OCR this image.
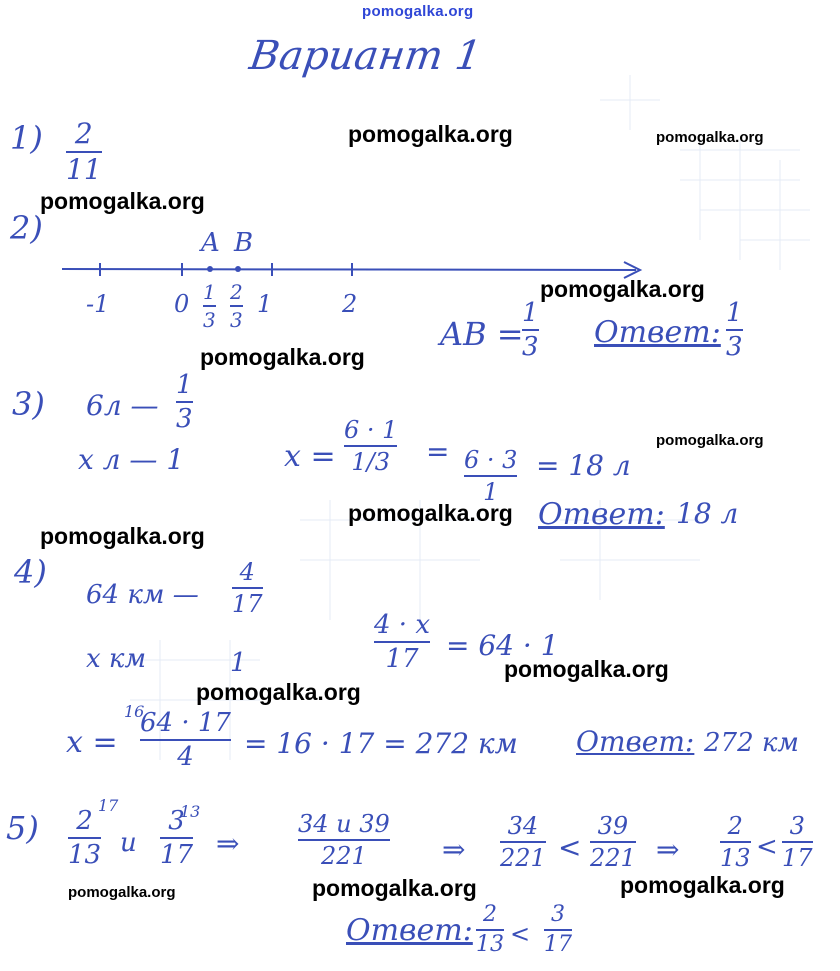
pomogalka.org
Вариант 1
1) 2
11
2)	A B
-1	0	1	2
1
3
2
3	AB =
1
3 Ответ:
1
3
3) 6л —
1
3
x л — 1	x =
6 · 1
1/3 = 6 · 3
1
= 18 л
Ответ: 18 л
4)
64 км —
4
17
x км	1
4 · x
17 = 64 · 1
x =
16
64 · 17
4 = 16 · 17 = 272 км Ответ: 272 км
5) 2
13
17
и
3
17
13
⇒
34 и 39
221	⇒
34
221 <
39
221 ⇒
2
13 <
3
17
Ответ: 2
13 <
3
17
pomogalka.org	pomogalka.org
pomogalka.org
pomogalka.org
pomogalka.org
pomogalka.org
pomogalka.org
pomogalka.org
pomogalka.org
pomogalka.org
pomogalka.org	pomogalka.org	pomogalka.org
